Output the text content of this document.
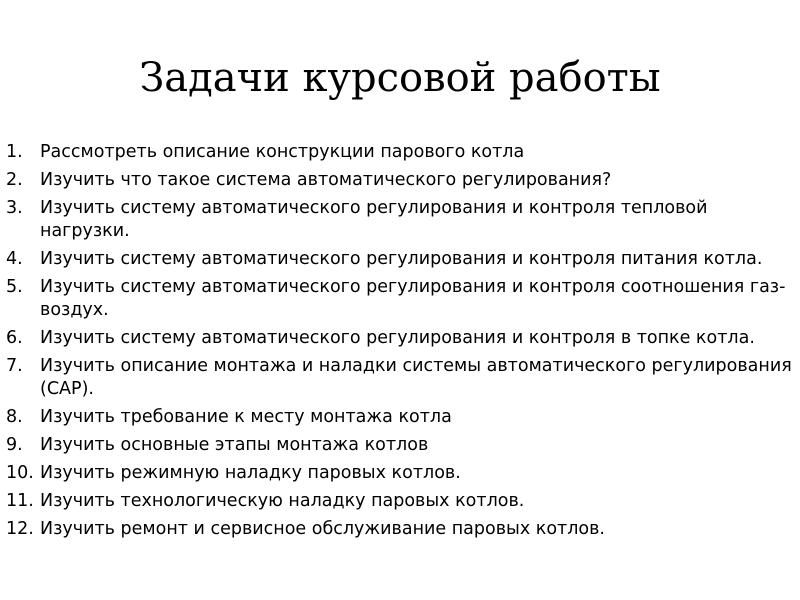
Задачи курсовой работы
1. Рассмотреть описание конструкции парового котла
2. Изучить что такое система автоматического регулирования?
3. Изучить систему автоматического регулирования и контроля тепловой нагрузки.
4. Изучить систему автоматического регулирования и контроля питания котла.
5. Изучить систему автоматического регулирования и контроля соотношения газ-воздух.
6. Изучить систему автоматического регулирования и контроля в топке котла.
7. Изучить описание монтажа и наладки системы автоматического регулирования (САР).
8. Изучить требование к месту монтажа котла
9. Изучить основные этапы монтажа котлов
10. Изучить режимную наладку паровых котлов.
11. Изучить технологическую наладку паровых котлов.
12. Изучить ремонт и сервисное обслуживание паровых котлов.
